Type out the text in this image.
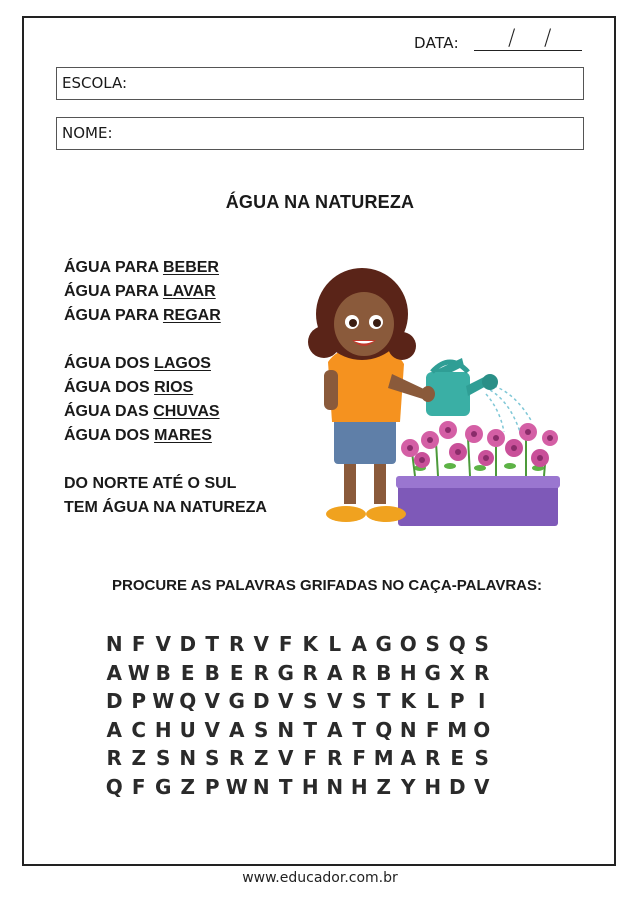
DATA: / /
ESCOLA:
NOME:
ÁGUA NA NATUREZA
ÁGUA PARA BEBER
ÁGUA PARA LAVAR
ÁGUA PARA REGAR
ÁGUA DOS LAGOS
ÁGUA DOS RIOS
ÁGUA DAS CHUVAS
ÁGUA DOS MARES
DO NORTE ATÉ O SUL
TEM ÁGUA NA NATUREZA
PROCURE AS PALAVRAS GRIFADAS NO CAÇA-PALAVRAS:
N F V D T R V F K L A G O S Q S
A W B E B E R G R A R B H G X R
D P W Q V G D V S V S T K L P I
A C H U V A S N T A T Q N F M O
R Z S N S R Z V F R F M A R E S
Q F G Z P W N T H N H Z Y H D V
www.educador.com.br
